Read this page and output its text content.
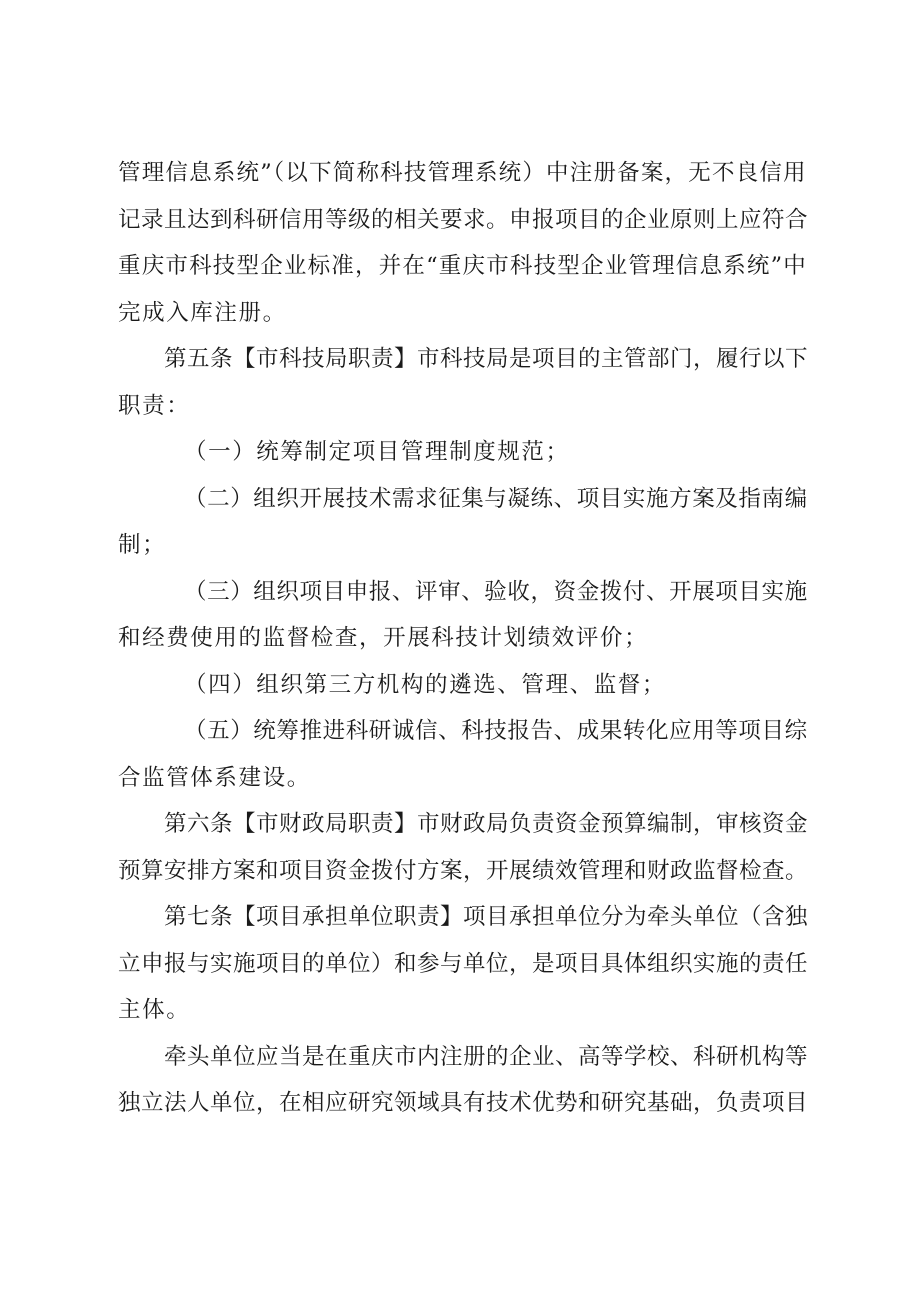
管理信息系统”（以下简称科技管理系统）中注册备案，无不良信用
记录且达到科研信用等级的相关要求。申报项目的企业原则上应符合
重庆市科技型企业标准，并在“重庆市科技型企业管理信息系统”中
完成入库注册。
第五条【市科技局职责】市科技局是项目的主管部门，履行以下
职责：
（一）统筹制定项目管理制度规范；
（二）组织开展技术需求征集与凝练、项目实施方案及指南编
制；
（三）组织项目申报、评审、验收，资金拨付、开展项目实施
和经费使用的监督检查，开展科技计划绩效评价；
（四）组织第三方机构的遴选、管理、监督；
（五）统筹推进科研诚信、科技报告、成果转化应用等项目综
合监管体系建设。
第六条【市财政局职责】市财政局负责资金预算编制，审核资金
预算安排方案和项目资金拨付方案，开展绩效管理和财政监督检查。
第七条【项目承担单位职责】项目承担单位分为牵头单位（含独
立申报与实施项目的单位）和参与单位，是项目具体组织实施的责任
主体。
牵头单位应当是在重庆市内注册的企业、高等学校、科研机构等
独立法人单位，在相应研究领域具有技术优势和研究基础，负责项目
